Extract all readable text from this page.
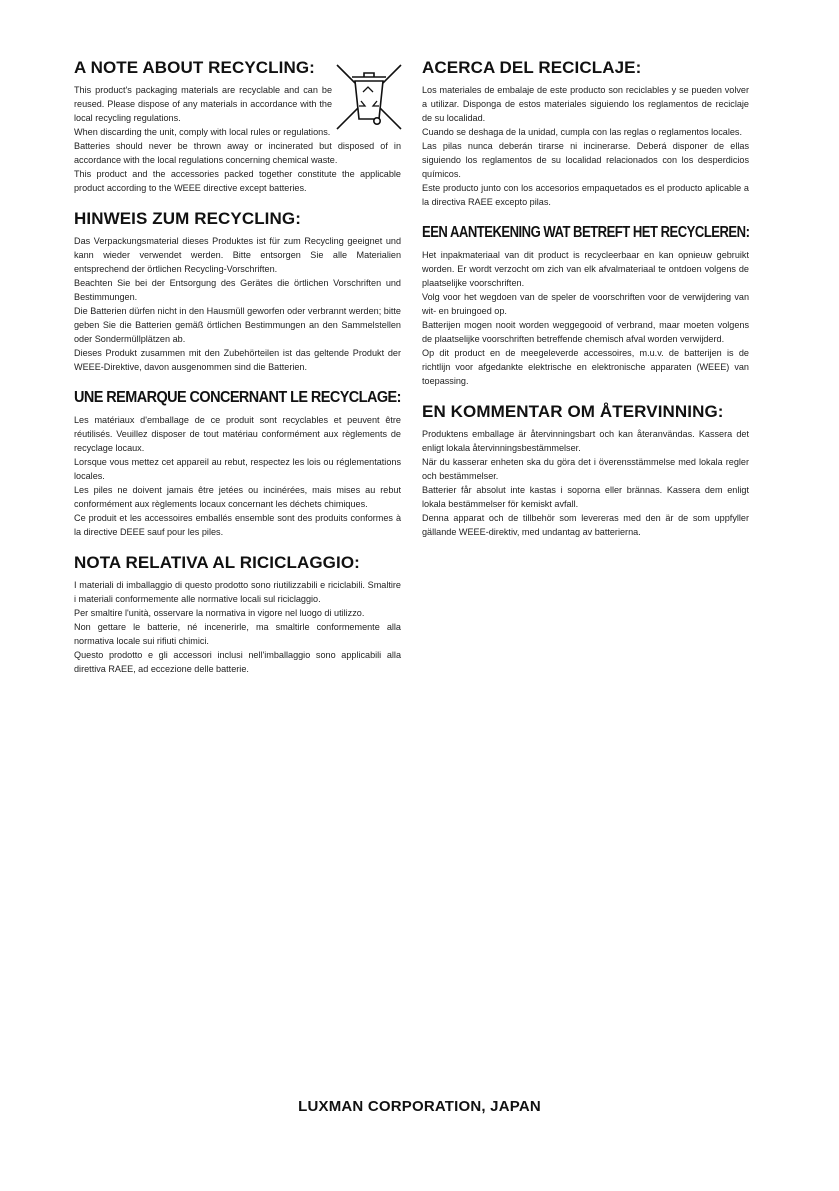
A NOTE ABOUT RECYCLING:

This product's packaging materials are recyclable and can be reused. Please dispose of any materials in accordance with the local recycling regulations.

When discarding the unit, comply with local rules or regulations.

Batteries should never be thrown away or incinerated but disposed of in accordance with the local regulations concerning chemical waste.

This product and the accessories packed together constitute the applicable product according to the WEEE directive except batteries.

HINWEIS ZUM RECYCLING:

Das Verpackungsmaterial dieses Produktes ist für zum Recycling geeignet und kann wieder verwendet werden. Bitte entsorgen Sie alle Materialien entsprechend der örtlichen Recycling-Vorschriften.

Beachten Sie bei der Entsorgung des Gerätes die örtlichen Vorschriften und Bestimmungen.

Die Batterien dürfen nicht in den Hausmüll geworfen oder verbrannt werden; bitte geben Sie die Batterien gemäß örtlichen Bestimmungen an den Sammelstellen oder Sondermüllplätzen ab.

Dieses Produkt zusammen mit den Zubehörteilen ist das geltende Produkt der WEEE-Direktive, davon ausgenommen sind die Batterien.

UNE REMARQUE CONCERNANT LE RECYCLAGE:

Les matériaux d'emballage de ce produit sont recyclables et peuvent être réutilisés. Veuillez disposer de tout matériau conformément aux règlements de recyclage locaux.

Lorsque vous mettez cet appareil au rebut, respectez les lois ou réglementations locales.

Les piles ne doivent jamais être jetées ou incinérées, mais mises au rebut conformément aux règlements locaux concernant les déchets chimiques.

Ce produit et les accessoires emballés ensemble sont des produits conformes à la directive DEEE sauf pour les piles.

NOTA RELATIVA AL RICICLAGGIO:

I materiali di imballaggio di questo prodotto sono riutilizzabili e riciclabili. Smaltire i materiali conformemente alle normative locali sul riciclaggio.

Per smaltire l'unità, osservare la normativa in vigore nel luogo di utilizzo.

Non gettare le batterie, né incenerirle, ma smaltirle conformemente alla normativa locale sui rifiuti chimici.

Questo prodotto e gli accessori inclusi nell'imballaggio sono applicabili alla direttiva RAEE, ad eccezione delle batterie.

ACERCA DEL RECICLAJE:

Los materiales de embalaje de este producto son reciclables y se pueden volver a utilizar. Disponga de estos materiales siguiendo los reglamentos de reciclaje de su localidad.

Cuando se deshaga de la unidad, cumpla con las reglas o reglamentos locales.

Las pilas nunca deberán tirarse ni incinerarse. Deberá disponer de ellas siguiendo los reglamentos de su localidad relacionados con los desperdicios químicos.

Este producto junto con los accesorios empaquetados es el producto aplicable a la directiva RAEE excepto pilas.

EEN AANTEKENING WAT BETREFT HET RECYCLEREN:

Het inpakmateriaal van dit product is recycleerbaar en kan opnieuw gebruikt worden. Er wordt verzocht om zich van elk afvalmateriaal te ontdoen volgens de plaatselijke voorschriften.

Volg voor het wegdoen van de speler de voorschriften voor de verwijdering van wit- en bruingoed op.

Batterijen mogen nooit worden weggegooid of verbrand, maar moeten volgens de plaatselijke voorschriften betreffende chemisch afval worden verwijderd.

Op dit product en de meegeleverde accessoires, m.u.v. de batterijen is de richtlijn voor afgedankte elektrische en elektronische apparaten (WEEE) van toepassing.

EN KOMMENTAR OM ÅTERVINNING:

Produktens emballage är återvinningsbart och kan återanvändas. Kassera det enligt lokala återvinningsbestämmelser.

När du kasserar enheten ska du göra det i överensstämmelse med lokala regler och bestämmelser.

Batterier får absolut inte kastas i soporna eller brännas. Kassera dem enligt lokala bestämmelser för kemiskt avfall.

Denna apparat och de tillbehör som levereras med den är de som uppfyller gällande WEEE-direktiv, med undantag av batterierna.

LUXMAN CORPORATION, JAPAN
